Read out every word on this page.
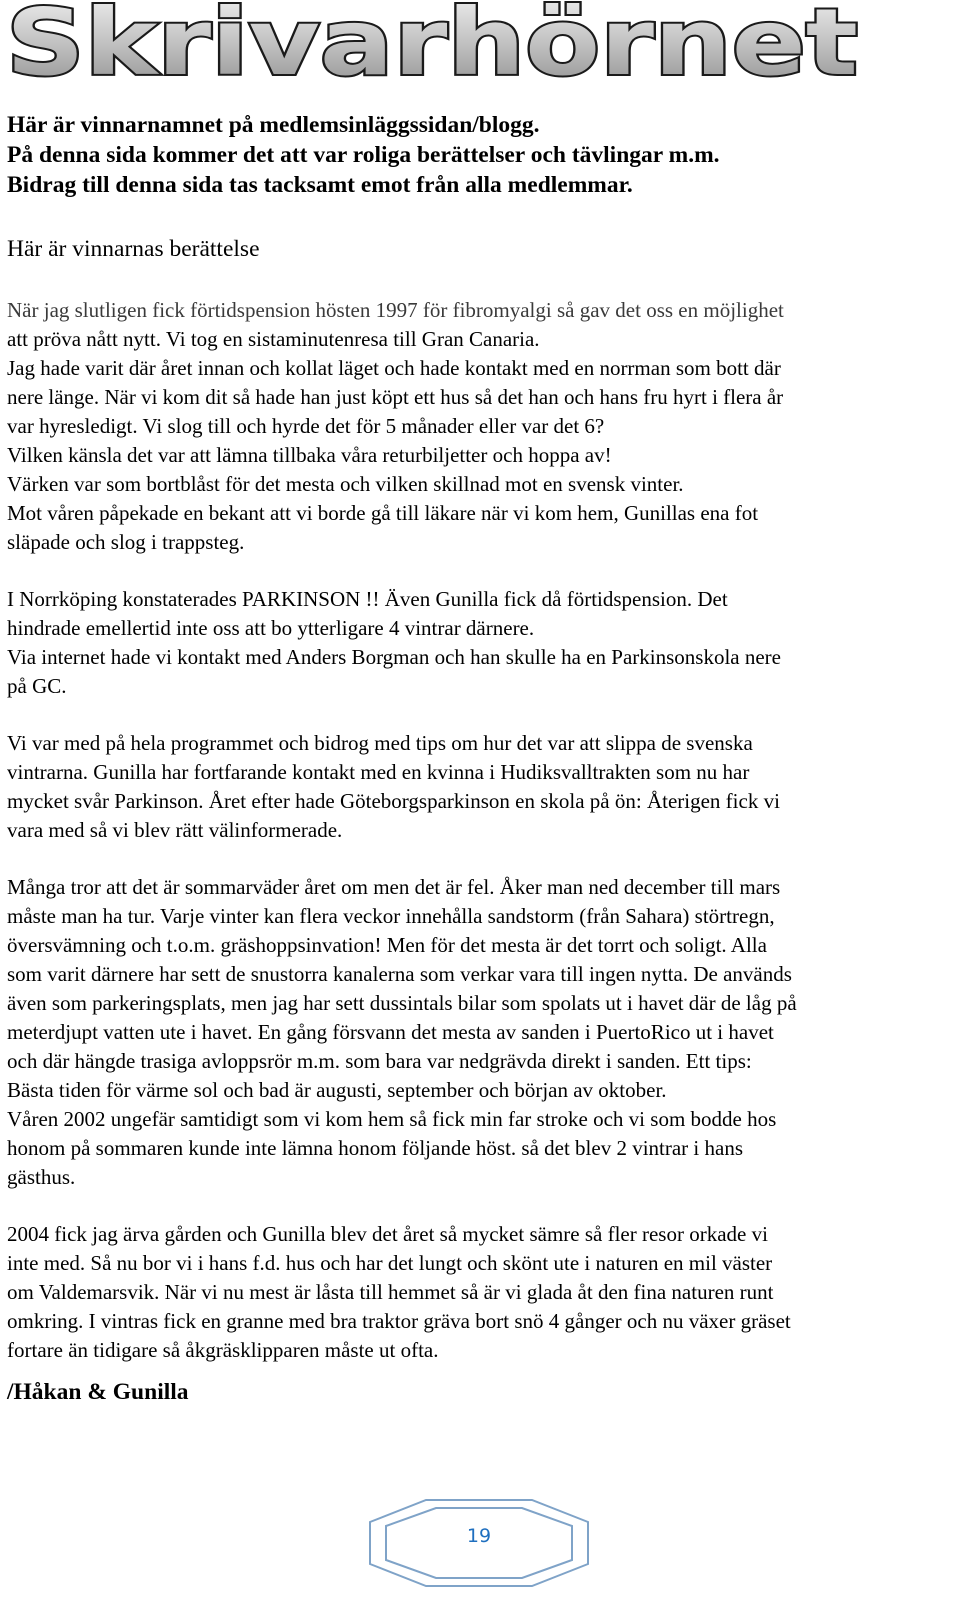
Skrivarhörnet
Här är vinnarnamnet på medlemsinläggssidan/blogg.
På denna sida kommer det att var roliga berättelser och tävlingar m.m.
Bidrag till denna sida tas tacksamt emot från alla medlemmar.
Här är vinnarnas berättelse
När jag slutligen fick förtidspension hösten 1997 för fibromyalgi så gav det oss en möjlighet
att pröva nått nytt. Vi tog en sistaminutenresa till Gran Canaria.
Jag hade varit där året innan och kollat läget och hade kontakt med en norrman som bott där
nere länge. När vi kom dit så hade han just köpt ett hus så det han och hans fru hyrt i flera år
var hyresledigt. Vi slog till och hyrde det för 5 månader eller var det 6?
Vilken känsla det var att lämna tillbaka våra returbiljetter och hoppa av!
Värken var som bortblåst för det mesta och vilken skillnad mot en svensk vinter.
Mot våren påpekade en bekant att vi borde gå till läkare när vi kom hem, Gunillas ena fot
släpade och slog i trappsteg.
I Norrköping konstaterades PARKINSON !! Även Gunilla fick då förtidspension. Det
hindrade emellertid inte oss att bo ytterligare 4 vintrar därnere.
Via internet hade vi kontakt med Anders Borgman och han skulle ha en Parkinsonskola nere
på GC.
Vi var med på hela programmet och bidrog med tips om hur det var att slippa de svenska
vintrarna. Gunilla har fortfarande kontakt med en kvinna i Hudiksvalltrakten som nu har
mycket svår Parkinson. Året efter hade Göteborgsparkinson en skola på ön: Återigen fick vi
vara med så vi blev rätt välinformerade.
Många tror att det är sommarväder året om men det är fel. Åker man ned december till mars
måste man ha tur. Varje vinter kan flera veckor innehålla sandstorm (från Sahara) störtregn,
översvämning och t.o.m. gräshoppsinvation! Men för det mesta är det torrt och soligt. Alla
som varit därnere har sett de snustorra kanalerna som verkar vara till ingen nytta. De används
även som parkeringsplats, men jag har sett dussintals bilar som spolats ut i havet där de låg på
meterdjupt vatten ute i havet. En gång försvann det mesta av sanden i PuertoRico ut i havet
och där hängde trasiga avloppsrör m.m. som bara var nedgrävda direkt i sanden. Ett tips:
Bästa tiden för värme sol och bad är augusti, september och början av oktober.
Våren 2002 ungefär samtidigt som vi kom hem så fick min far stroke och vi som bodde hos
honom på sommaren kunde inte lämna honom följande höst. så det blev 2 vintrar i hans
gästhus.
2004 fick jag ärva gården och Gunilla blev det året så mycket sämre så fler resor orkade vi
inte med. Så nu bor vi i hans f.d. hus och har det lungt och skönt ute i naturen en mil väster
om Valdemarsvik. När vi nu mest är låsta till hemmet så är vi glada åt den fina naturen runt
omkring. I vintras fick en granne med bra traktor gräva bort snö 4 gånger och nu växer gräset
fortare än tidigare så åkgräsklipparen måste ut ofta.
/Håkan & Gunilla
19
